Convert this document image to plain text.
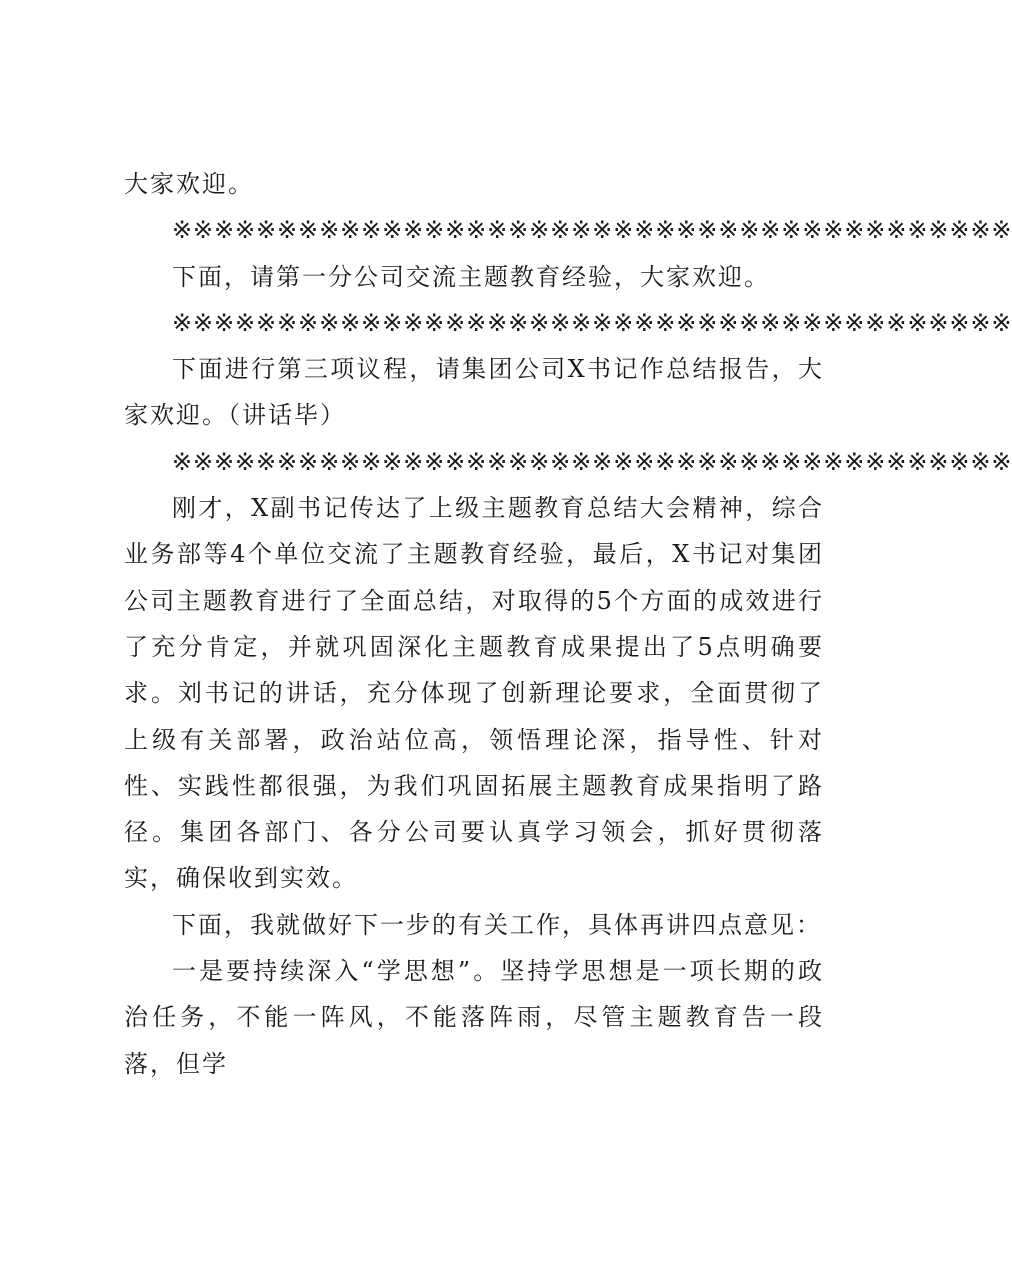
大家欢迎。

※※※※※※※※※※※※※※※※※※※※※※※※※※※※※※※※※※※※※※※※

下面，请第一分公司交流主题教育经验，大家欢迎。

※※※※※※※※※※※※※※※※※※※※※※※※※※※※※※※※※※※※※※※※

下面进行第三项议程，请集团公司X书记作总结报告，大家欢迎。（讲话毕）

※※※※※※※※※※※※※※※※※※※※※※※※※※※※※※※※※※※※※※※※

刚才，X副书记传达了上级主题教育总结大会精神，综合业务部等4个单位交流了主题教育经验，最后，X书记对集团公司主题教育进行了全面总结，对取得的5个方面的成效进行了充分肯定，并就巩固深化主题教育成果提出了5点明确要求。刘书记的讲话，充分体现了创新理论要求，全面贯彻了上级有关部署，政治站位高，领悟理论深，指导性、针对性、实践性都很强，为我们巩固拓展主题教育成果指明了路径。集团各部门、各分公司要认真学习领会，抓好贯彻落实，确保收到实效。

下面，我就做好下一步的有关工作，具体再讲四点意见：

一是要持续深入“学思想”。坚持学思想是一项长期的政治任务，不能一阵风，不能落阵雨，尽管主题教育告一段落，但学
